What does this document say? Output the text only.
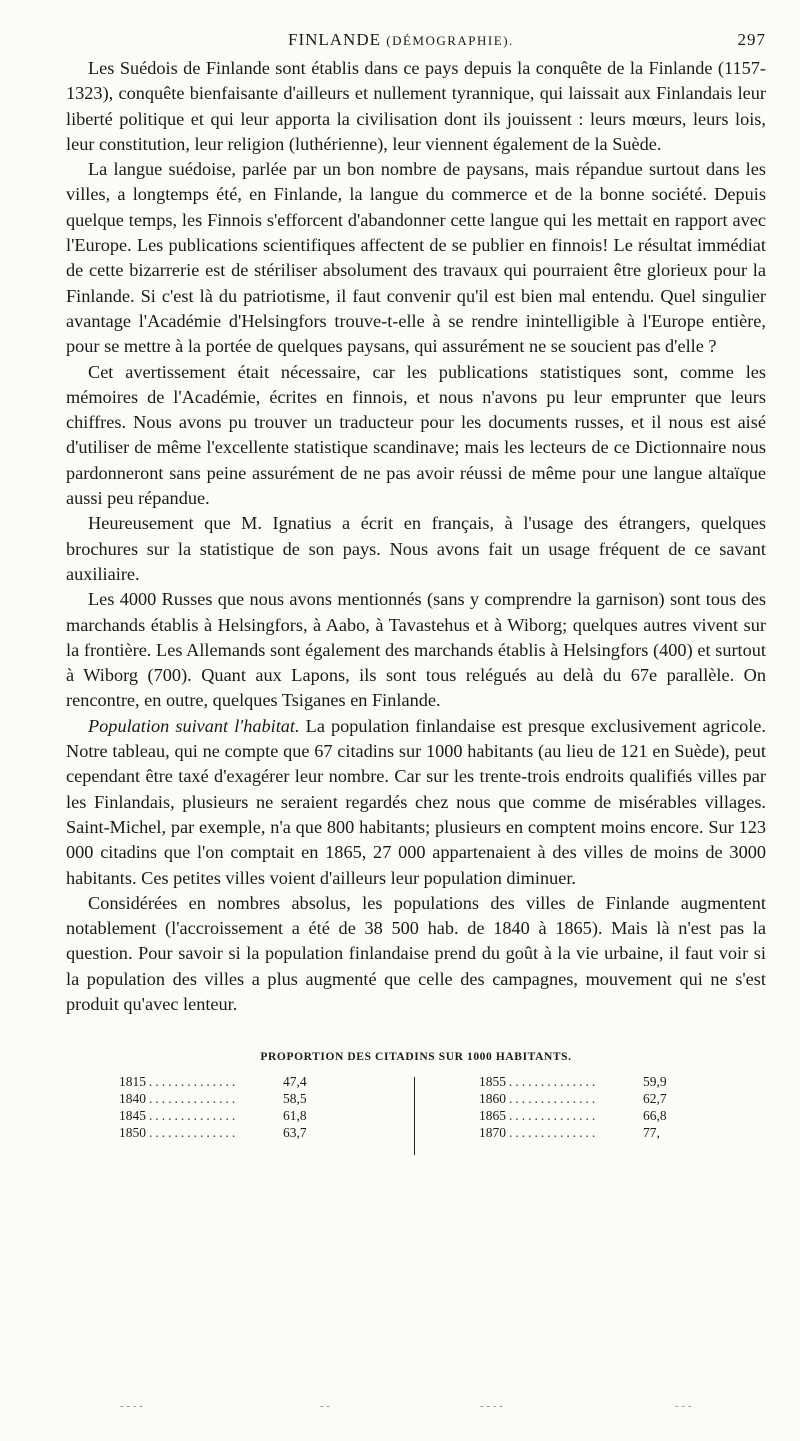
FINLANDE (DÉMOGRAPHIE).	297

Les Suédois de Finlande sont établis dans ce pays depuis la conquête de la Finlande (1157-1323), conquête bienfaisante d'ailleurs et nullement tyrannique, qui laissait aux Finlandais leur liberté politique et qui leur apporta la civilisation dont ils jouissent : leurs mœurs, leurs lois, leur constitution, leur religion (luthérienne), leur viennent également de la Suède.

La langue suédoise, parlée par un bon nombre de paysans, mais répandue surtout dans les villes, a longtemps été, en Finlande, la langue du commerce et de la bonne société. Depuis quelque temps, les Finnois s'efforcent d'abandonner cette langue qui les mettait en rapport avec l'Europe. Les publications scientifiques affectent de se publier en finnois! Le résultat immédiat de cette bizarrerie est de stériliser absolument des travaux qui pourraient être glorieux pour la Finlande. Si c'est là du patriotisme, il faut convenir qu'il est bien mal entendu. Quel singulier avantage l'Académie d'Helsingfors trouve-t-elle à se rendre inintelligible à l'Europe entière, pour se mettre à la portée de quelques paysans, qui assurément ne se soucient pas d'elle ?

Cet avertissement était nécessaire, car les publications statistiques sont, comme les mémoires de l'Académie, écrites en finnois, et nous n'avons pu leur emprunter que leurs chiffres. Nous avons pu trouver un traducteur pour les documents russes, et il nous est aisé d'utiliser de même l'excellente statistique scandinave; mais les lecteurs de ce Dictionnaire nous pardonneront sans peine assurément de ne pas avoir réussi de même pour une langue altaïque aussi peu répandue.

Heureusement que M. Ignatius a écrit en français, à l'usage des étrangers, quelques brochures sur la statistique de son pays. Nous avons fait un usage fréquent de ce savant auxiliaire.

Les 4000 Russes que nous avons mentionnés (sans y comprendre la garnison) sont tous des marchands établis à Helsingfors, à Aabo, à Tavastehus et à Wiborg; quelques autres vivent sur la frontière. Les Allemands sont également des marchands établis à Helsingfors (400) et surtout à Wiborg (700). Quant aux Lapons, ils sont tous relégués au delà du 67e parallèle. On rencontre, en outre, quelques Tsiganes en Finlande.

Population suivant l'habitat. La population finlandaise est presque exclusivement agricole. Notre tableau, qui ne compte que 67 citadins sur 1000 habitants (au lieu de 121 en Suède), peut cependant être taxé d'exagérer leur nombre. Car sur les trente-trois endroits qualifiés villes par les Finlandais, plusieurs ne seraient regardés chez nous que comme de misérables villages. Saint-Michel, par exemple, n'a que 800 habitants; plusieurs en comptent moins encore. Sur 123 000 citadins que l'on comptait en 1865, 27 000 appartenaient à des villes de moins de 3000 habitants. Ces petites villes voient d'ailleurs leur population diminuer.

Considérées en nombres absolus, les populations des villes de Finlande augmentent notablement (l'accroissement a été de 38 500 hab. de 1840 à 1865). Mais là n'est pas la question. Pour savoir si la population finlandaise prend du goût à la vie urbaine, il faut voir si la population des villes a plus augmenté que celle des campagnes, mouvement qui ne s'est produit qu'avec lenteur.

PROPORTION DES CITADINS SUR 1000 HABITANTS.
1815 ..............	47,4
1840 ..............	58,5
1845 ..............	61,8
1850 ..............	63,7
1855 ..............	59,9
1860 ..............	62,7
1865 ..............	66,8
1870 ..............	77,
- - - -	- -	- - - -	- - -
